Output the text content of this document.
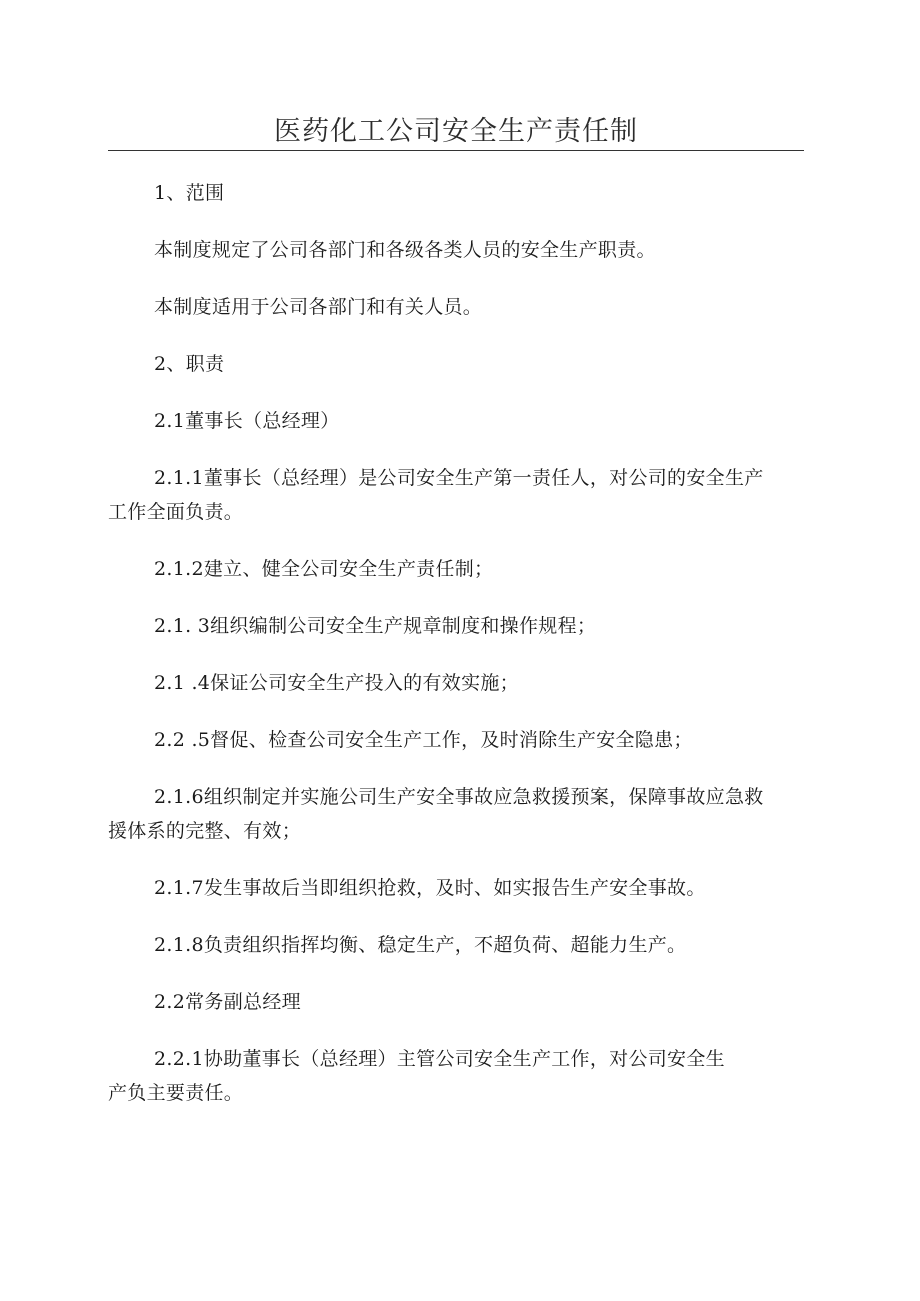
医药化工公司安全生产责任制

1、范围

本制度规定了公司各部门和各级各类人员的安全生产职责。

本制度适用于公司各部门和有关人员。

2、职责

2.1董事长（总经理）

2.1.1董事长（总经理）是公司安全生产第一责任人，对公司的安全生产
工作全面负责。

2.1.2建立、健全公司安全生产责任制；

2.1. 3组织编制公司安全生产规章制度和操作规程；

2.1 .4保证公司安全生产投入的有效实施；

2.2 .5督促、检查公司安全生产工作，及时消除生产安全隐患；

2.1.6组织制定并实施公司生产安全事故应急救援预案，保障事故应急救
援体系的完整、有效；

2.1.7发生事故后当即组织抢救，及时、如实报告生产安全事故。

2.1.8负责组织指挥均衡、稳定生产，不超负荷、超能力生产。

2.2常务副总经理

2.2.1协助董事长（总经理）主管公司安全生产工作，对公司安全生
产负主要责任。
